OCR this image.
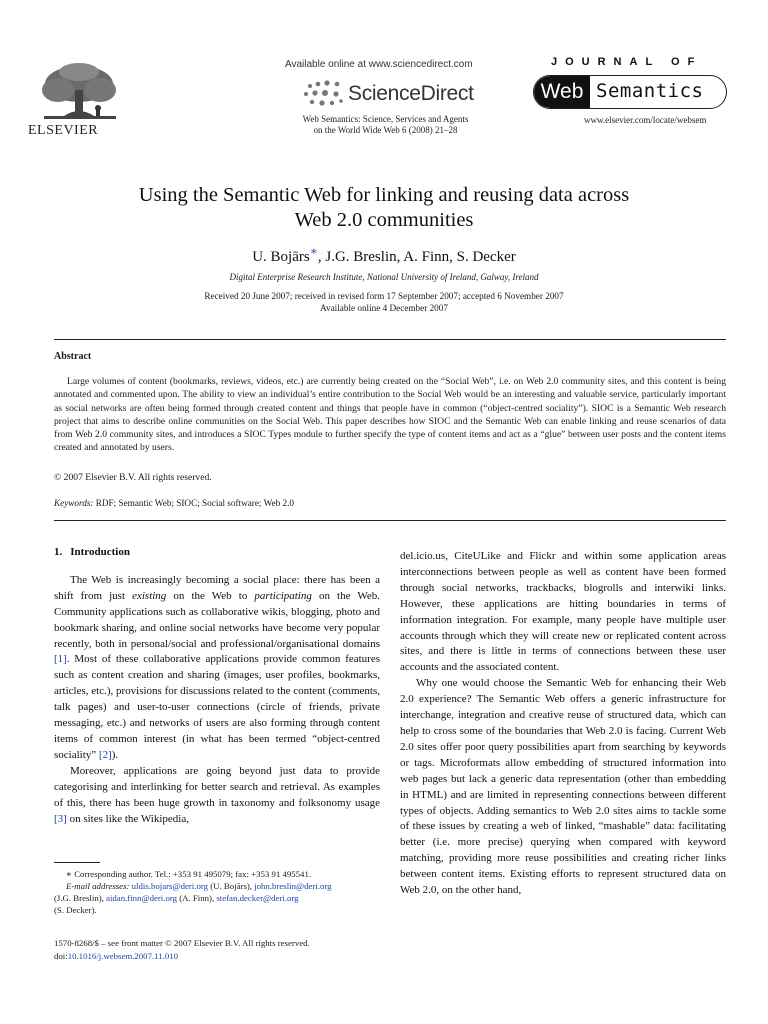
ELSEVIER
Available online at www.sciencedirect.com
ScienceDirect
Web Semantics: Science, Services and Agents
on the World Wide Web 6 (2008) 21–28
JOURNAL OF
Web Semantics
www.elsevier.com/locate/websem
Using the Semantic Web for linking and reusing data across
Web 2.0 communities
U. Bojārs∗, J.G. Breslin, A. Finn, S. Decker
Digital Enterprise Research Institute, National University of Ireland, Galway, Ireland
Received 20 June 2007; received in revised form 17 September 2007; accepted 6 November 2007
Available online 4 December 2007
Abstract

Large volumes of content (bookmarks, reviews, videos, etc.) are currently being created on the “Social Web”, i.e. on Web 2.0 community sites, and this content is being annotated and commented upon. The ability to view an individual’s entire contribution to the Social Web would be an interesting and valuable service, particularly important as social networks are often being formed through created content and things that people have in common (“object-centred sociality”). SIOC is a Semantic Web research project that aims to describe online communities on the Social Web. This paper describes how SIOC and the Semantic Web can enable linking and reuse scenarios of data from Web 2.0 community sites, and introduces a SIOC Types module to further specify the type of content items and act as a “glue” between user posts and the content items created and annotated by users.

© 2007 Elsevier B.V. All rights reserved.
Keywords: RDF; Semantic Web; SIOC; Social software; Web 2.0
1. Introduction

The Web is increasingly becoming a social place: there has been a shift from just existing on the Web to participating on the Web. Community applications such as collaborative wikis, blogging, photo and bookmark sharing, and online social networks have become very popular recently, both in personal/social and professional/organisational domains [1]. Most of these collaborative applications provide common features such as content creation and sharing (images, user profiles, bookmarks, articles, etc.), provisions for discussions related to the content (comments, talk pages) and user-to-user connections (circle of friends, private messaging, etc.) and networks of users are also forming through content items of common interest (in what has been termed “object-centred sociality” [2]).

Moreover, applications are going beyond just data to provide categorising and interlinking for better search and retrieval. As examples of this, there has been huge growth in taxonomy and folksonomy usage [3] on sites like the Wikipedia,

del.icio.us, CiteULike and Flickr and within some application areas interconnections between people as well as content have been formed through social networks, trackbacks, blogrolls and interwiki links. However, these applications are hitting boundaries in terms of information integration. For example, many people have multiple user accounts through which they will create new or replicated content across sites, and there is little in terms of connections between these user accounts and the associated content.

Why one would choose the Semantic Web for enhancing their Web 2.0 experience? The Semantic Web offers a generic infrastructure for interchange, integration and creative reuse of structured data, which can help to cross some of the boundaries that Web 2.0 is facing. Current Web 2.0 sites offer poor query possibilities apart from searching by keywords or tags. Microformats allow embedding of structured information into web pages but lack a generic data representation (other than embedding in HTML) and are limited in representing connections between different types of objects. Adding semantics to Web 2.0 sites aims to tackle some of these issues by creating a web of linked, “mashable” data: facilitating better (i.e. more precise) querying when compared with keyword matching, providing more reuse possibilities and creating richer links between content items. Existing efforts to represent structured data on Web 2.0, on the other hand,

∗ Corresponding author. Tel.: +353 91 495079; fax: +353 91 495541.
E-mail addresses: uldis.bojars@deri.org (U. Bojārs), john.breslin@deri.org
(J.G. Breslin), aidan.finn@deri.org (A. Finn), stefan.decker@deri.org
(S. Decker).
1570-8268/$ – see front matter © 2007 Elsevier B.V. All rights reserved.
doi:10.1016/j.websem.2007.11.010
